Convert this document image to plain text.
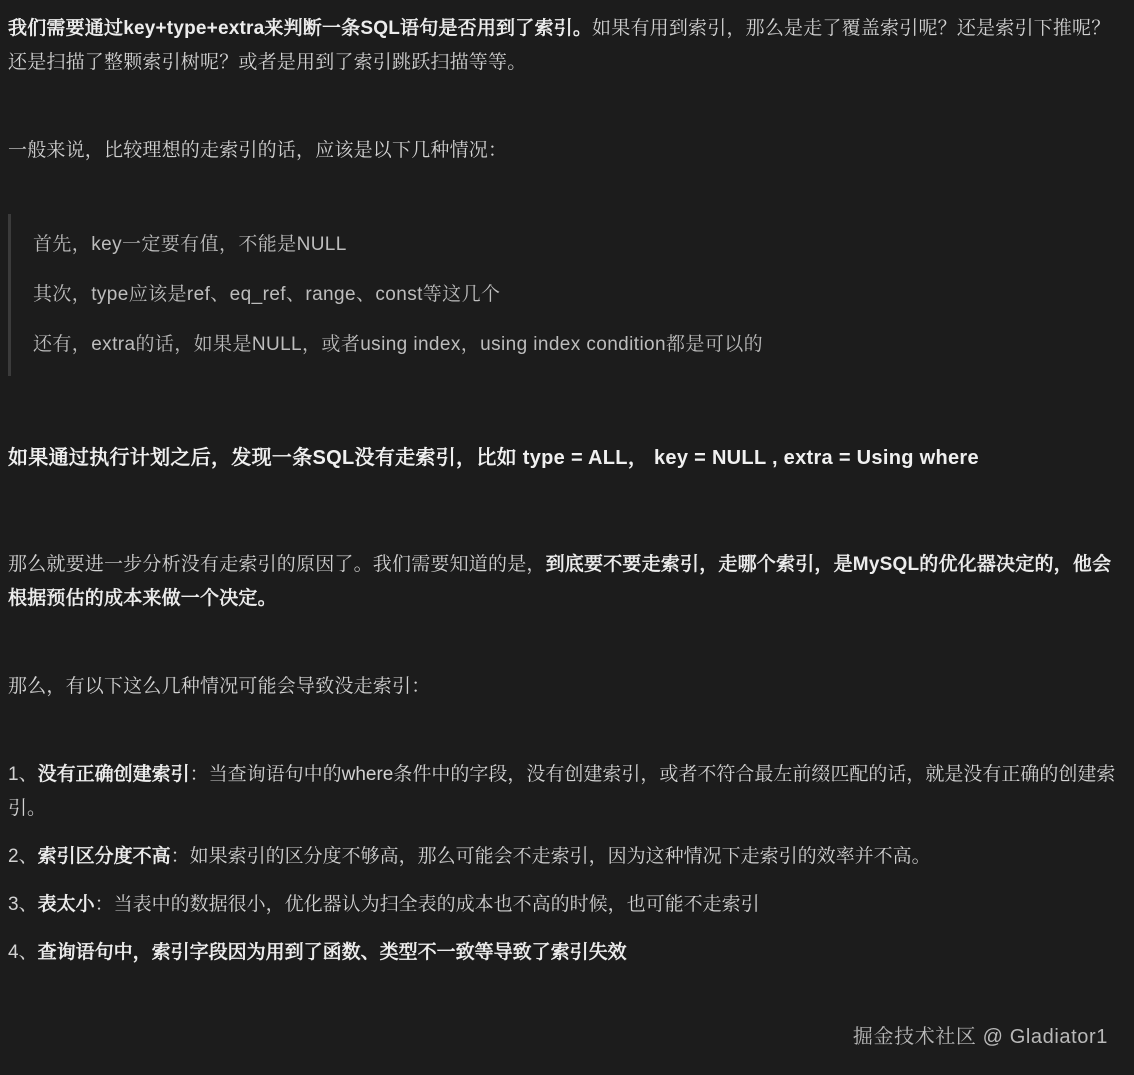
我们需要通过key+type+extra来判断一条SQL语句是否用到了索引。如果有用到索引，那么是走了覆盖索引呢？还是索引下推呢？还是扫描了整颗索引树呢？或者是用到了索引跳跃扫描等等。

一般来说，比较理想的走索引的话，应该是以下几种情况：

首先，key一定要有值，不能是NULL
其次，type应该是ref、eq_ref、range、const等这几个
还有，extra的话，如果是NULL，或者using index，using index condition都是可以的

如果通过执行计划之后，发现一条SQL没有走索引，比如 type = ALL， key = NULL , extra = Using where

那么就要进一步分析没有走索引的原因了。我们需要知道的是，到底要不要走索引，走哪个索引，是MySQL的优化器决定的，他会根据预估的成本来做一个决定。

那么，有以下这么几种情况可能会导致没走索引：

1、没有正确创建索引：当查询语句中的where条件中的字段，没有创建索引，或者不符合最左前缀匹配的话，就是没有正确的创建索引。
2、索引区分度不高：如果索引的区分度不够高，那么可能会不走索引，因为这种情况下走索引的效率并不高。
3、表太小：当表中的数据很小，优化器认为扫全表的成本也不高的时候，也可能不走索引
4、查询语句中，索引字段因为用到了函数、类型不一致等导致了索引失效
掘金技术社区 @ Gladiator1
